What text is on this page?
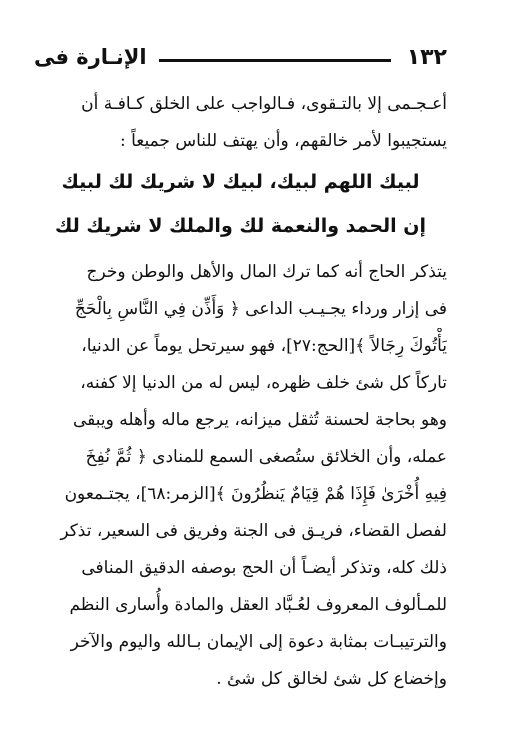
١٣٢
الإنـارة فى
أعـجـمى إلا بالتـقوى، فـالواجب على الخلق كـافـة أن
يستجيبوا لأمر خالقهم، وأن يهتف للناس جميعاً :
لبيك اللهم لبيك، لبيك لا شريك لك لبيك
إن الحمد والنعمة لك والملك لا شريك لك
يتذكر الحاج أنه كما ترك المال والأهل والوطن وخرج
فى إزار ورداء يجـيـب الداعى ﴿ وَأَذِّن فِي النَّاسِ بِالْحَجِّ
يَأْتُوكَ رِجَالاً ﴾[الحج:٢٧]، فهو سيرتحل يوماً عن الدنيا،
تاركاً كل شئ خلف ظهره، ليس له من الدنيا إلا كفنه،
وهو بحاجة لحسنة تُثقل ميزانه، يرجع ماله وأهله ويبقى
عمله، وأن الخلائق ستُصغى السمع للمنادى ﴿ ثُمَّ نُفِخَ
فِيهِ أُخْرَىٰ فَإِذَا هُمْ قِيَامٌ يَنظُرُونَ ﴾[الزمر:٦٨]، يجتـمعون
لفصل القضاء، فريـق فى الجنة وفريق فى السعير، تذكر
ذلك كله، وتذكر أيضـاً أن الحج بوصفه الدقيق المنافى
للمـألوف المعروف لعُـبَّاد العقل والمادة وأُسارى النظم
والترتيبـات بمثابة دعوة إلى الإيمان بـالله واليوم والآخر
وإخضاع كل شئ لخالق كل شئ .
